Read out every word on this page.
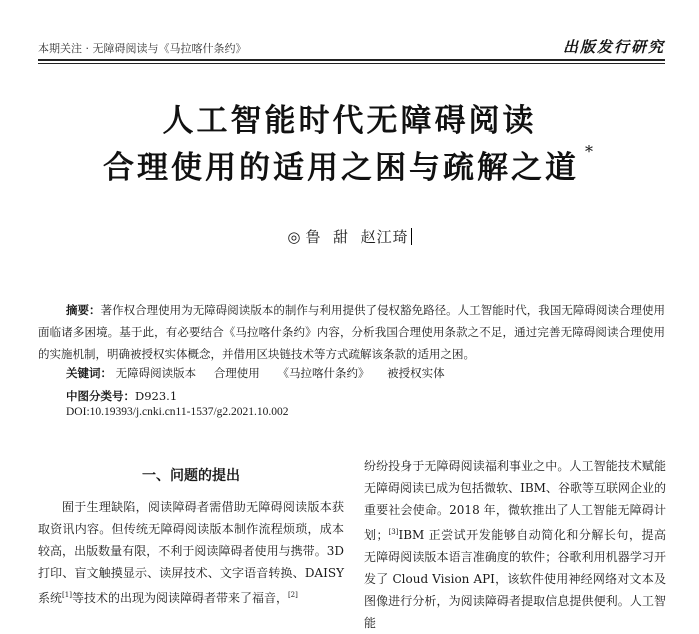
本期关注 · 无障碍阅读与《马拉喀什条约》	出版发行研究
人工智能时代无障碍阅读
合理使用的适用之困与疏解之道 *
◎ 鲁  甜  赵江琦
摘要：著作权合理使用为无障碍阅读版本的制作与利用提供了侵权豁免路径。人工智能时代，我国无障碍阅读合理使用面临诸多困境。基于此，有必要结合《马拉喀什条约》内容，分析我国合理使用条款之不足，通过完善无障碍阅读合理使用的实施机制，明确被授权实体概念，并借用区块链技术等方式疏解该条款的适用之困。
关键词： 无障碍阅读版本 合理使用 《马拉喀什条约》 被授权实体
中图分类号：D923.1
DOI:10.19393/j.cnki.cn11-1537/g2.2021.10.002
一、问题的提出

囿于生理缺陷，阅读障碍者需借助无障碍阅读版本获取资讯内容。但传统无障碍阅读版本制作流程烦琐，成本较高，出版数量有限，不利于阅读障碍者使用与携带。3D 打印、盲文触摸显示、读屏技术、文字语音转换、DAISY 系统[1]等技术的出现为阅读障碍者带来了福音，[2]

纷纷投身于无障碍阅读福利事业之中。人工智能技术赋能无障碍阅读已成为包括微软、IBM、谷歌等互联网企业的重要社会使命。2018 年，微软推出了人工智能无障碍计划；[3]IBM 正尝试开发能够自动简化和分解长句，提高无障碍阅读版本语言准确度的软件；谷歌利用机器学习开发了 Cloud Vision API，该软件使用神经网络对文本及图像进行分析，为阅读障碍者提取信息提供便利。人工智能
